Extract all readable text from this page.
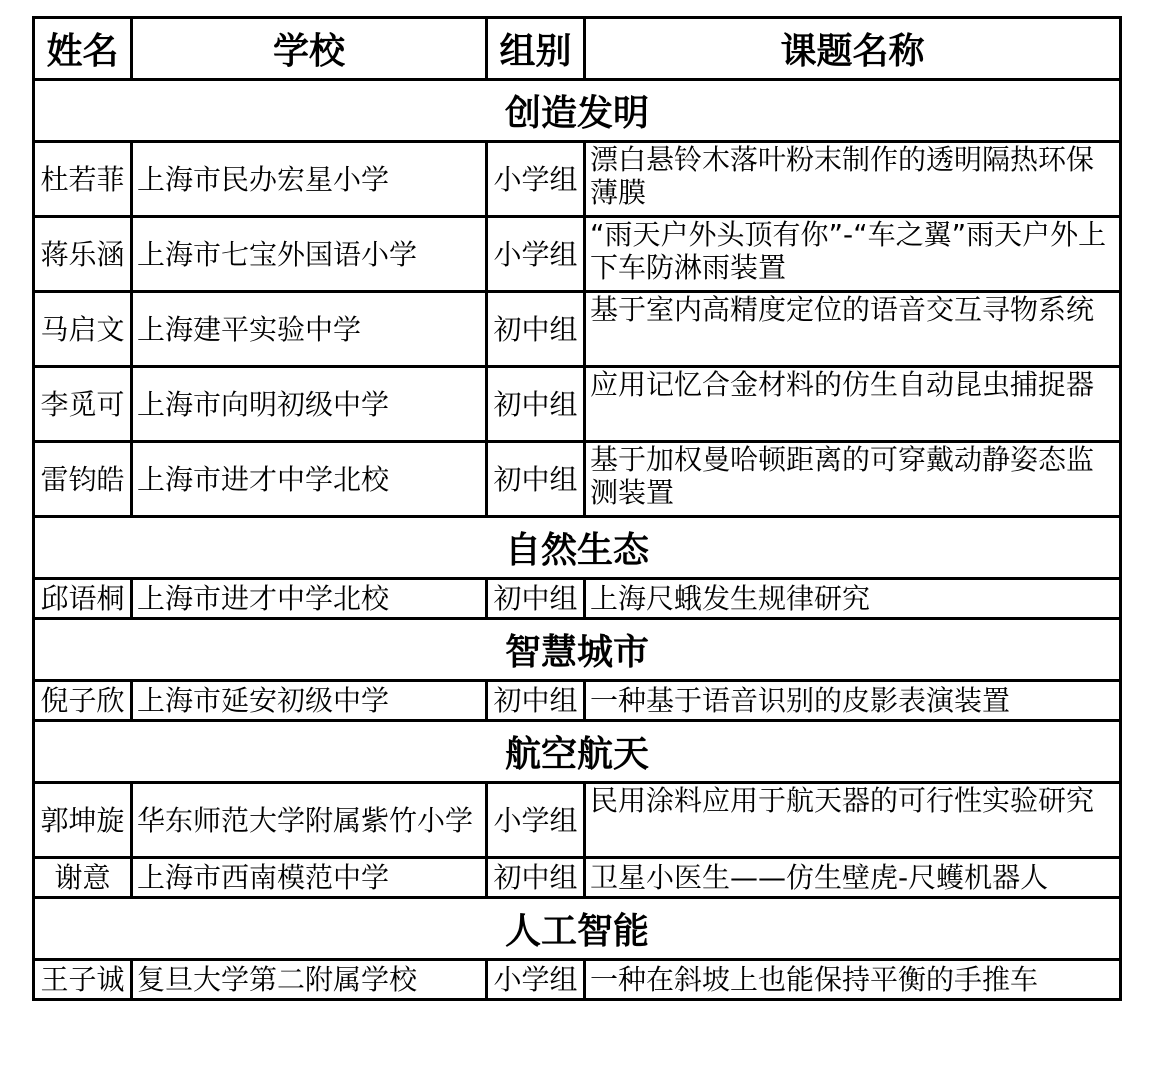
姓名	学校	组别	课题名称
创造发明			
杜若菲	上海市民办宏星小学	小学组	漂白悬铃木落叶粉末制作的透明隔热环保薄膜
蒋乐涵	上海市七宝外国语小学	小学组	“雨天户外头顶有你”-“车之翼”雨天户外上下车防淋雨装置
马启文	上海建平实验中学	初中组	基于室内高精度定位的语音交互寻物系统
李觅可	上海市向明初级中学	初中组	应用记忆合金材料的仿生自动昆虫捕捉器
雷钧皓	上海市进才中学北校	初中组	基于加权曼哈顿距离的可穿戴动静姿态监测装置
自然生态			
邱语桐	上海市进才中学北校	初中组	上海尺蛾发生规律研究
智慧城市			
倪子欣	上海市延安初级中学	初中组	一种基于语音识别的皮影表演装置
航空航天			
郭坤旋	华东师范大学附属紫竹小学	小学组	民用涂料应用于航天器的可行性实验研究
谢意	上海市西南模范中学	初中组	卫星小医生——仿生壁虎-尺蠖机器人
人工智能			
王子诚	复旦大学第二附属学校	小学组	一种在斜坡上也能保持平衡的手推车
